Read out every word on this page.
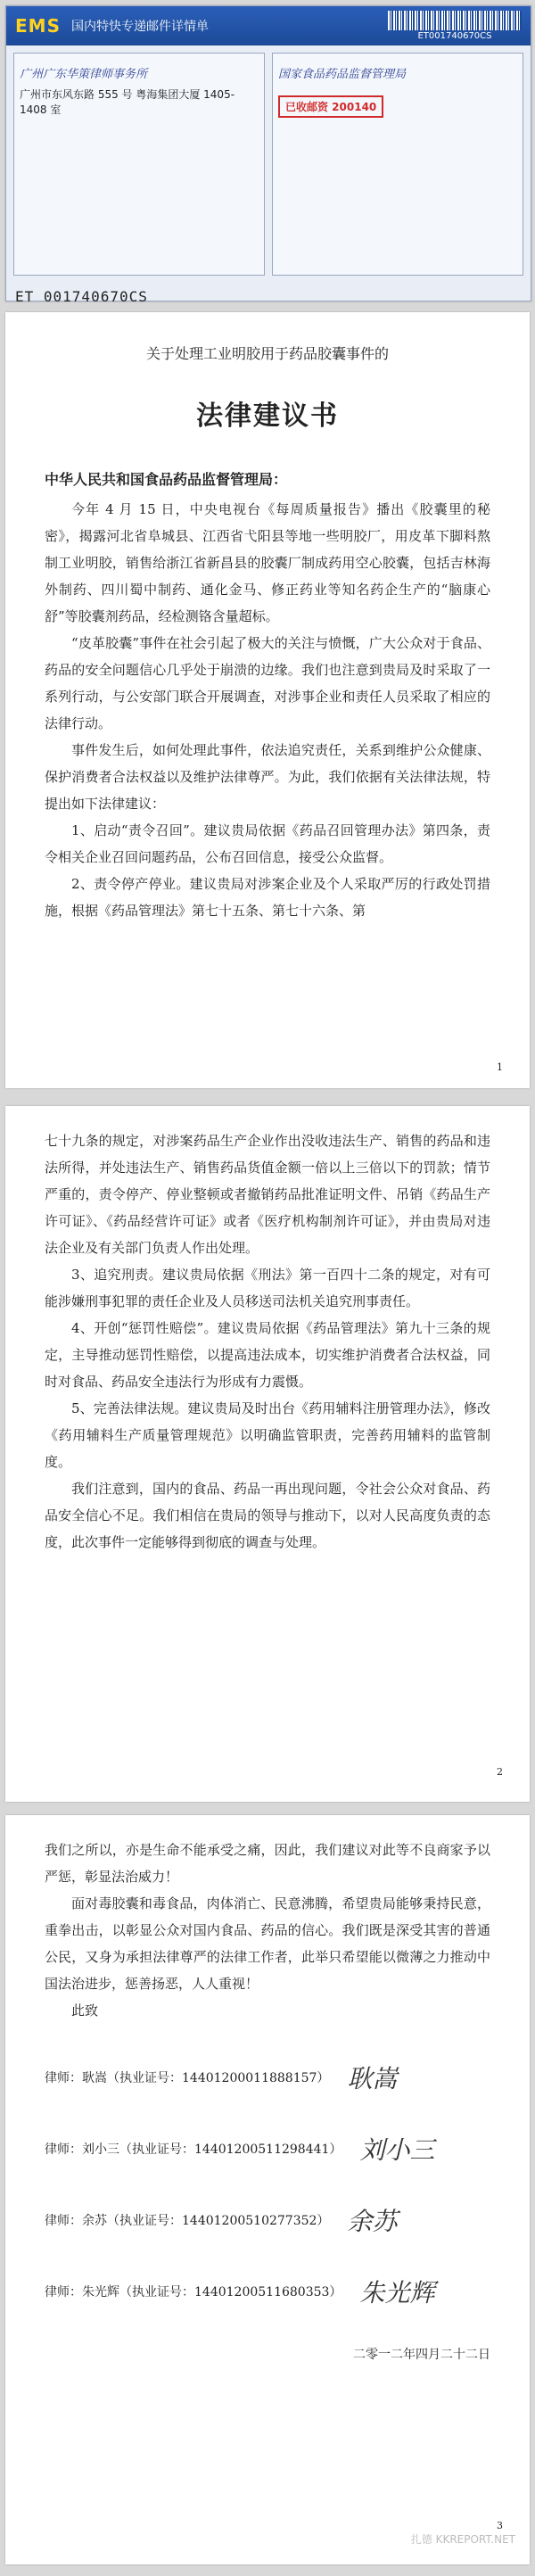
EMS 国内特快专递邮件详情单
ET001740670CS
广州广东华策律师事务所
广州市东风东路 555 号 粤海集团大厦 1405-1408 室
国家食品药品监督管理局
已收邮资 200140
ET 001740670CS
关于处理工业明胶用于药品胶囊事件的
法律建议书
中华人民共和国食品药品监督管理局：

今年 4 月 15 日，中央电视台《每周质量报告》播出《胶囊里的秘密》，揭露河北省阜城县、江西省弋阳县等地一些明胶厂，用皮革下脚料熬制工业明胶，销售给浙江省新昌县的胶囊厂制成药用空心胶囊，包括吉林海外制药、四川蜀中制药、通化金马、修正药业等知名药企生产的“脑康心舒”等胶囊剂药品，经检测铬含量超标。

“皮革胶囊”事件在社会引起了极大的关注与愤慨，广大公众对于食品、药品的安全问题信心几乎处于崩溃的边缘。我们也注意到贵局及时采取了一系列行动，与公安部门联合开展调查，对涉事企业和责任人员采取了相应的法律行动。

事件发生后，如何处理此事件，依法追究责任，关系到维护公众健康、保护消费者合法权益以及维护法律尊严。为此，我们依据有关法律法规，特提出如下法律建议：

1、启动“责令召回”。建议贵局依据《药品召回管理办法》第四条，责令相关企业召回问题药品，公布召回信息，接受公众监督。

2、责令停产停业。建议贵局对涉案企业及个人采取严厉的行政处罚措施，根据《药品管理法》第七十五条、第七十六条、第

1

七十九条的规定，对涉案药品生产企业作出没收违法生产、销售的药品和违法所得，并处违法生产、销售药品货值金额一倍以上三倍以下的罚款；情节严重的，责令停产、停业整顿或者撤销药品批准证明文件、吊销《药品生产许可证》、《药品经营许可证》或者《医疗机构制剂许可证》，并由贵局对违法企业及有关部门负责人作出处理。

3、追究刑责。建议贵局依据《刑法》第一百四十二条的规定，对有可能涉嫌刑事犯罪的责任企业及人员移送司法机关追究刑事责任。

4、开创“惩罚性赔偿”。建议贵局依据《药品管理法》第九十三条的规定，主导推动惩罚性赔偿，以提高违法成本，切实维护消费者合法权益，同时对食品、药品安全违法行为形成有力震慑。

5、完善法律法规。建议贵局及时出台《药用辅料注册管理办法》，修改《药用辅料生产质量管理规范》以明确监管职责，完善药用辅料的监管制度。

我们注意到，国内的食品、药品一再出现问题，令社会公众对食品、药品安全信心不足。我们相信在贵局的领导与推动下，以对人民高度负责的态度，此次事件一定能够得到彻底的调查与处理。

2

我们之所以，亦是生命不能承受之痛，因此，我们建议对此等不良商家予以严惩，彰显法治威力！

面对毒胶囊和毒食品，肉体消亡、民意沸腾，希望贵局能够秉持民意，重拳出击，以彰显公众对国内食品、药品的信心。我们既是深受其害的普通公民，又身为承担法律尊严的法律工作者，此举只希望能以微薄之力推动中国法治进步，惩善扬恶，人人重视！

此致

律师：耿嵩（执业证号：14401200011888157） 耿嵩
律师：刘小三（执业证号：14401200511298441） 刘小三
律师：余苏（执业证号：14401200510277352） 余苏
律师：朱光辉（执业证号：14401200511680353） 朱光辉
二零一二年四月二十二日
3
扎德 KKREPORT.NET
